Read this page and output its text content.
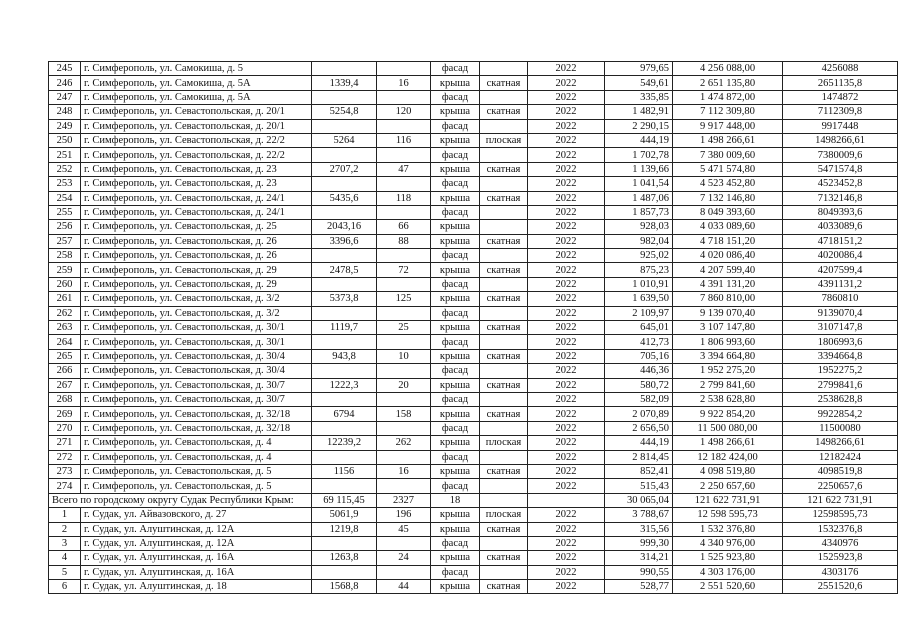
245	г. Симферополь, ул. Самокиша, д. 5			фасад		2022	979,65	4 256 088,00	4256088
246	г. Симферополь, ул. Самокиша, д. 5А	1339,4	16	крыша	скатная	2022	549,61	2 651 135,80	2651135,8
247	г. Симферополь, ул. Самокиша, д. 5А			фасад		2022	335,85	1 474 872,00	1474872
248	г. Симферополь, ул. Севастопольская, д. 20/1	5254,8	120	крыша	скатная	2022	1 482,91	7 112 309,80	7112309,8
249	г. Симферополь, ул. Севастопольская, д. 20/1			фасад		2022	2 290,15	9 917 448,00	9917448
250	г. Симферополь, ул. Севастопольская, д. 22/2	5264	116	крыша	плоская	2022	444,19	1 498 266,61	1498266,61
251	г. Симферополь, ул. Севастопольская, д. 22/2			фасад		2022	1 702,78	7 380 009,60	7380009,6
252	г. Симферополь, ул. Севастопольская, д. 23	2707,2	47	крыша	скатная	2022	1 139,66	5 471 574,80	5471574,8
253	г. Симферополь, ул. Севастопольская, д. 23			фасад		2022	1 041,54	4 523 452,80	4523452,8
254	г. Симферополь, ул. Севастопольская, д. 24/1	5435,6	118	крыша	скатная	2022	1 487,06	7 132 146,80	7132146,8
255	г. Симферополь, ул. Севастопольская, д. 24/1			фасад		2022	1 857,73	8 049 393,60	8049393,6
256	г. Симферополь, ул. Севастопольская, д. 25	2043,16	66	крыша		2022	928,03	4 033 089,60	4033089,6
257	г. Симферополь, ул. Севастопольская, д. 26	3396,6	88	крыша	скатная	2022	982,04	4 718 151,20	4718151,2
258	г. Симферополь, ул. Севастопольская, д. 26			фасад		2022	925,02	4 020 086,40	4020086,4
259	г. Симферополь, ул. Севастопольская, д. 29	2478,5	72	крыша	скатная	2022	875,23	4 207 599,40	4207599,4
260	г. Симферополь, ул. Севастопольская, д. 29			фасад		2022	1 010,91	4 391 131,20	4391131,2
261	г. Симферополь, ул. Севастопольская, д. 3/2	5373,8	125	крыша	скатная	2022	1 639,50	7 860 810,00	7860810
262	г. Симферополь, ул. Севастопольская, д. 3/2			фасад		2022	2 109,97	9 139 070,40	9139070,4
263	г. Симферополь, ул. Севастопольская, д. 30/1	1119,7	25	крыша	скатная	2022	645,01	3 107 147,80	3107147,8
264	г. Симферополь, ул. Севастопольская, д. 30/1			фасад		2022	412,73	1 806 993,60	1806993,6
265	г. Симферополь, ул. Севастопольская, д. 30/4	943,8	10	крыша	скатная	2022	705,16	3 394 664,80	3394664,8
266	г. Симферополь, ул. Севастопольская, д. 30/4			фасад		2022	446,36	1 952 275,20	1952275,2
267	г. Симферополь, ул. Севастопольская, д. 30/7	1222,3	20	крыша	скатная	2022	580,72	2 799 841,60	2799841,6
268	г. Симферополь, ул. Севастопольская, д. 30/7			фасад		2022	582,09	2 538 628,80	2538628,8
269	г. Симферополь, ул. Севастопольская, д. 32/18	6794	158	крыша	скатная	2022	2 070,89	9 922 854,20	9922854,2
270	г. Симферополь, ул. Севастопольская, д. 32/18			фасад		2022	2 656,50	11 500 080,00	11500080
271	г. Симферополь, ул. Севастопольская, д. 4	12239,2	262	крыша	плоская	2022	444,19	1 498 266,61	1498266,61
272	г. Симферополь, ул. Севастопольская, д. 4			фасад		2022	2 814,45	12 182 424,00	12182424
273	г. Симферополь, ул. Севастопольская, д. 5	1156	16	крыша	скатная	2022	852,41	4 098 519,80	4098519,8
274	г. Симферополь, ул. Севастопольская, д. 5			фасад		2022	515,43	2 250 657,60	2250657,6
Всего по городскому округу Судак Республики Крым:		69 115,45	2327	18			30 065,04	121 622 731,91	121 622 731,91
1	г. Судак, ул. Айвазовского, д. 27	5061,9	196	крыша	плоская	2022	3 788,67	12 598 595,73	12598595,73
2	г. Судак, ул. Алуштинская, д. 12А	1219,8	45	крыша	скатная	2022	315,56	1 532 376,80	1532376,8
3	г. Судак, ул. Алуштинская, д. 12А			фасад		2022	999,30	4 340 976,00	4340976
4	г. Судак, ул. Алуштинская, д. 16А	1263,8	24	крыша	скатная	2022	314,21	1 525 923,80	1525923,8
5	г. Судак, ул. Алуштинская, д. 16А			фасад		2022	990,55	4 303 176,00	4303176
6	г. Судак, ул. Алуштинская, д. 18	1568,8	44	крыша	скатная	2022	528,77	2 551 520,60	2551520,6
